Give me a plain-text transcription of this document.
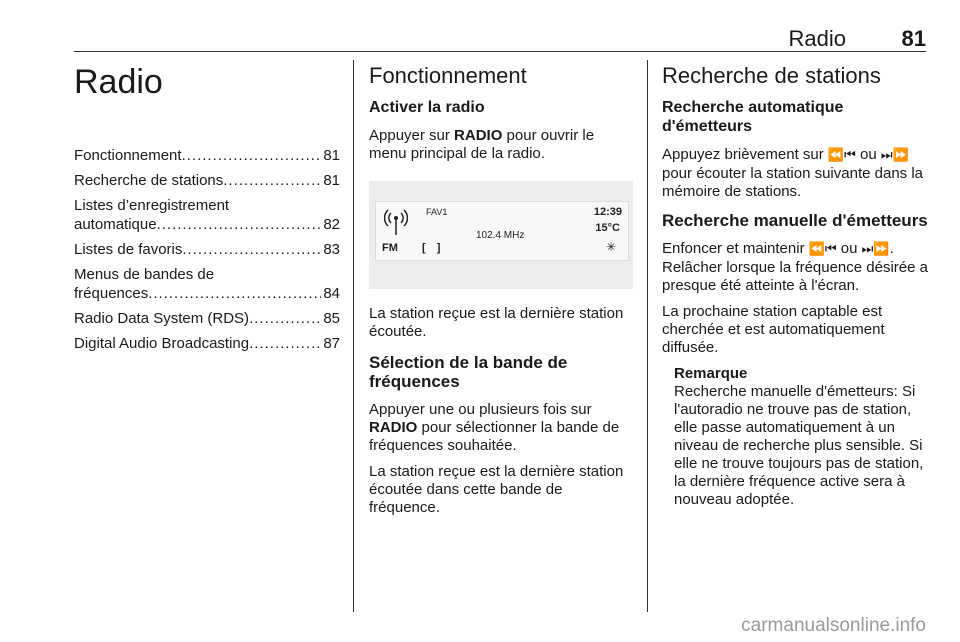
Radio	81
Radio
Fonctionnement .....	81
Recherche de stations .....	81
Listes d’enregistrement
automatique .....	82
Listes de favoris .....	83
Menus de bandes de
fréquences .....	84
Radio Data System (RDS) .....	85
Digital Audio Broadcasting .....	87
Fonctionnement
Activer la radio

Appuyer sur RADIO pour ouvrir le menu principal de la radio.

FAV1
102.4 MHz
FM [ ]
12:39
15°C
✳

La station reçue est la dernière station écoutée.

Sélection de la bande de fréquences

Appuyer une ou plusieurs fois sur RADIO pour sélectionner la bande de fréquences souhaitée.

La station reçue est la dernière station écoutée dans cette bande de fréquence.

Recherche de stations
Recherche automatique d'émetteurs

Appuyez brièvement sur ⏪⏮ ou ⏭⏩ pour écouter la station suivante dans la mémoire de stations.

Recherche manuelle d'émetteurs

Enfoncer et maintenir ⏪⏮ ou ⏭⏩.

Relâcher lorsque la fréquence désirée a presque été atteinte à l'écran.

La prochaine station captable est cherchée et est automatiquement diffusée.

Remarque

Recherche manuelle d'émetteurs: Si l'autoradio ne trouve pas de station, elle passe automatiquement à un niveau de recherche plus sensible. Si elle ne trouve toujours pas de station, la dernière fréquence active sera à nouveau adoptée.

carmanualsonline.info
